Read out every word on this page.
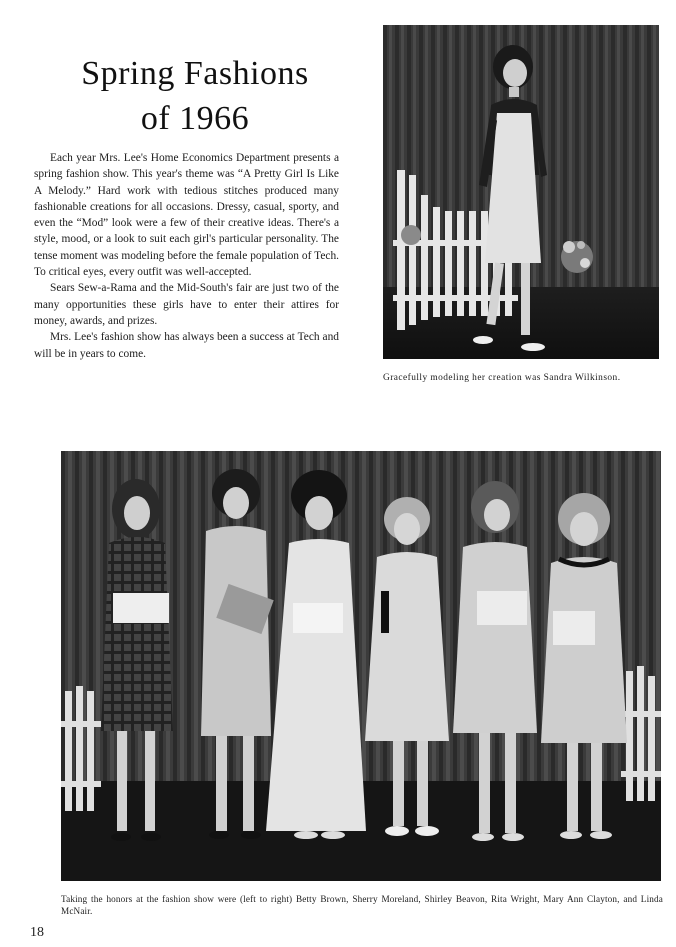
Spring Fashions
of 1966

Each year Mrs. Lee's Home Economics Department presents a spring fashion show. This year's theme was “A Pretty Girl Is Like A Melody.” Hard work with tedious stitches produced many fashionable creations for all occasions. Dressy, casual, sporty, and even the “Mod” look were a few of their creative ideas. There's a style, mood, or a look to suit each girl's particular personality. The tense moment was modeling before the female population of Tech. To critical eyes, every outfit was well-accepted.

Sears Sew-a-Rama and the Mid-South's fair are just two of the many opportunities these girls have to enter their attires for money, awards, and prizes.

Mrs. Lee's fashion show has always been a success at Tech and will be in years to come.

Gracefully modeling her creation was Sandra Wilkinson.
Taking the honors at the fashion show were (left to right) Betty Brown, Sherry Moreland, Shirley Beavon, Rita Wright, Mary Ann Clayton, and Linda McNair.
18
